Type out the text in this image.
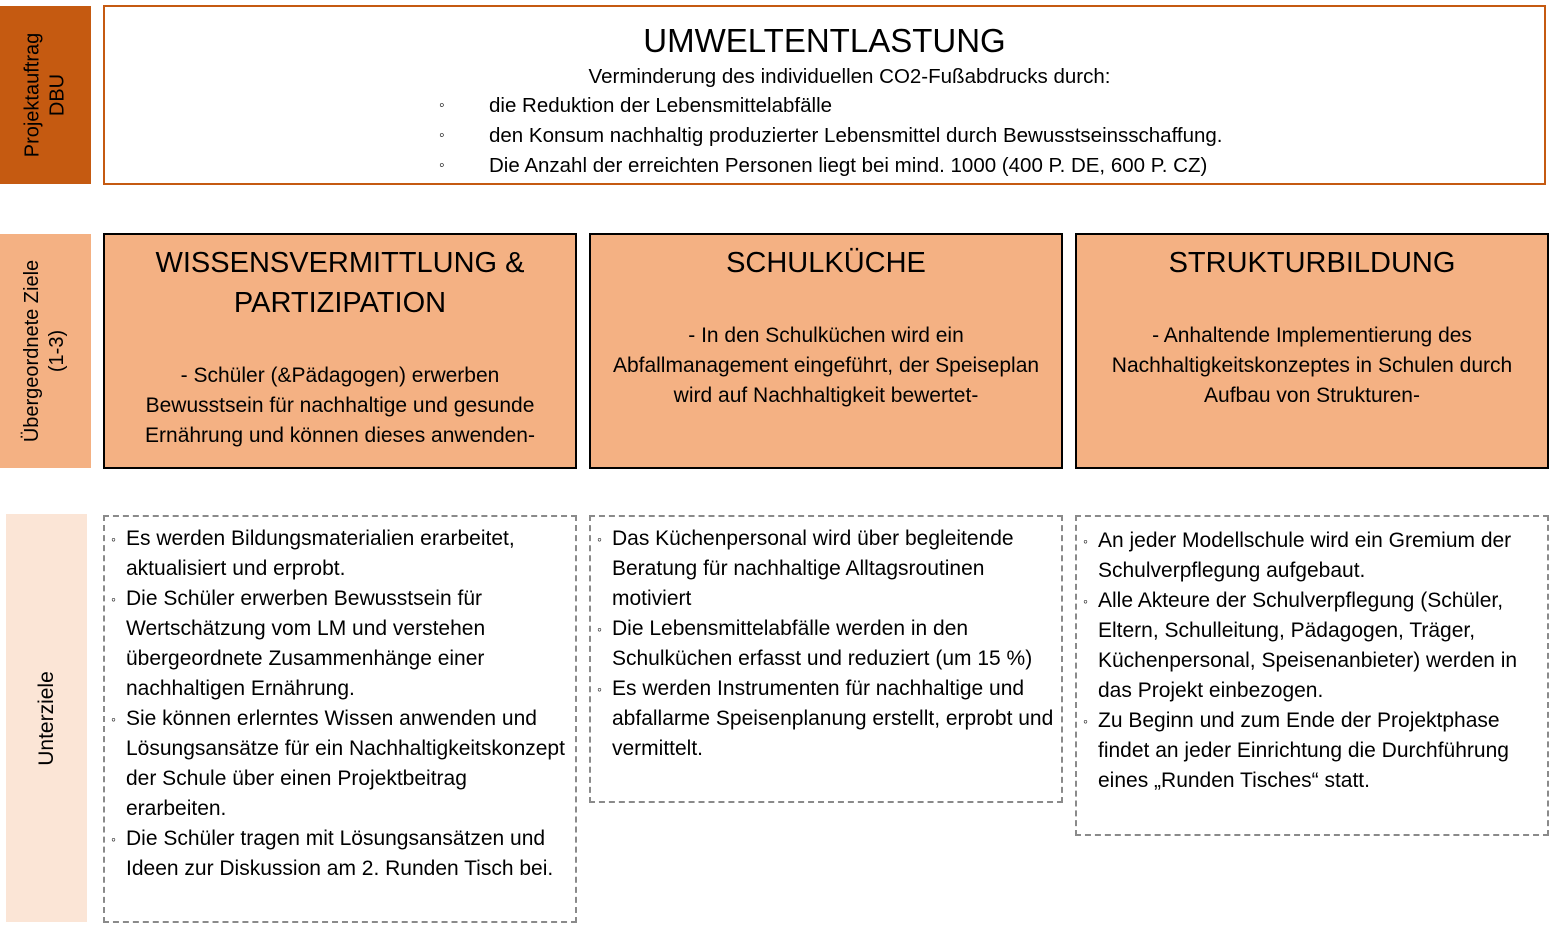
Projektauftrag
DBU
Übergeordnete Ziele
(1-3)
Unterziele
UMWELTENTLASTUNG
Verminderung des individuellen CO2-Fußabdrucks durch:
◦ die Reduktion der Lebensmittelabfälle
◦ den Konsum nachhaltig produzierter Lebensmittel durch Bewusstseinsschaffung.
◦ Die Anzahl der erreichten Personen liegt bei mind. 1000 (400 P. DE, 600 P. CZ)
WISSENSVERMITTLUNG &
PARTIZIPATION
- Schüler (&Pädagogen) erwerben Bewusstsein für nachhaltige und gesunde Ernährung und können dieses anwenden-
SCHULKÜCHE
- In den Schulküchen wird ein Abfallmanagement eingeführt, der Speiseplan wird auf Nachhaltigkeit bewertet-
STRUKTURBILDUNG
- Anhaltende Implementierung des Nachhaltigkeitskonzeptes in Schulen durch Aufbau von Strukturen-
◦ Es werden Bildungsmaterialien erarbeitet, aktualisiert und erprobt.
◦ Die Schüler erwerben Bewusstsein für Wertschätzung vom LM und verstehen übergeordnete Zusammenhänge einer nachhaltigen Ernährung.
◦ Sie können erlerntes Wissen anwenden und Lösungsansätze für ein Nachhaltigkeitskonzept der Schule über einen Projektbeitrag erarbeiten.
◦ Die Schüler tragen mit Lösungsansätzen und Ideen zur Diskussion am 2. Runden Tisch bei.
◦ Das Küchenpersonal wird über begleitende Beratung für nachhaltige Alltagsroutinen motiviert
◦ Die Lebensmittelabfälle werden in den Schulküchen erfasst und reduziert (um 15 %)
◦ Es werden Instrumenten für nachhaltige und abfallarme Speisenplanung erstellt, erprobt und vermittelt.
◦ An jeder Modellschule wird ein Gremium der Schulverpflegung aufgebaut.
◦ Alle Akteure der Schulverpflegung (Schüler, Eltern, Schulleitung, Pädagogen, Träger, Küchenpersonal, Speisenanbieter) werden in das Projekt einbezogen.
◦ Zu Beginn und zum Ende der Projektphase findet an jeder Einrichtung die Durchführung eines „Runden Tisches“ statt.
